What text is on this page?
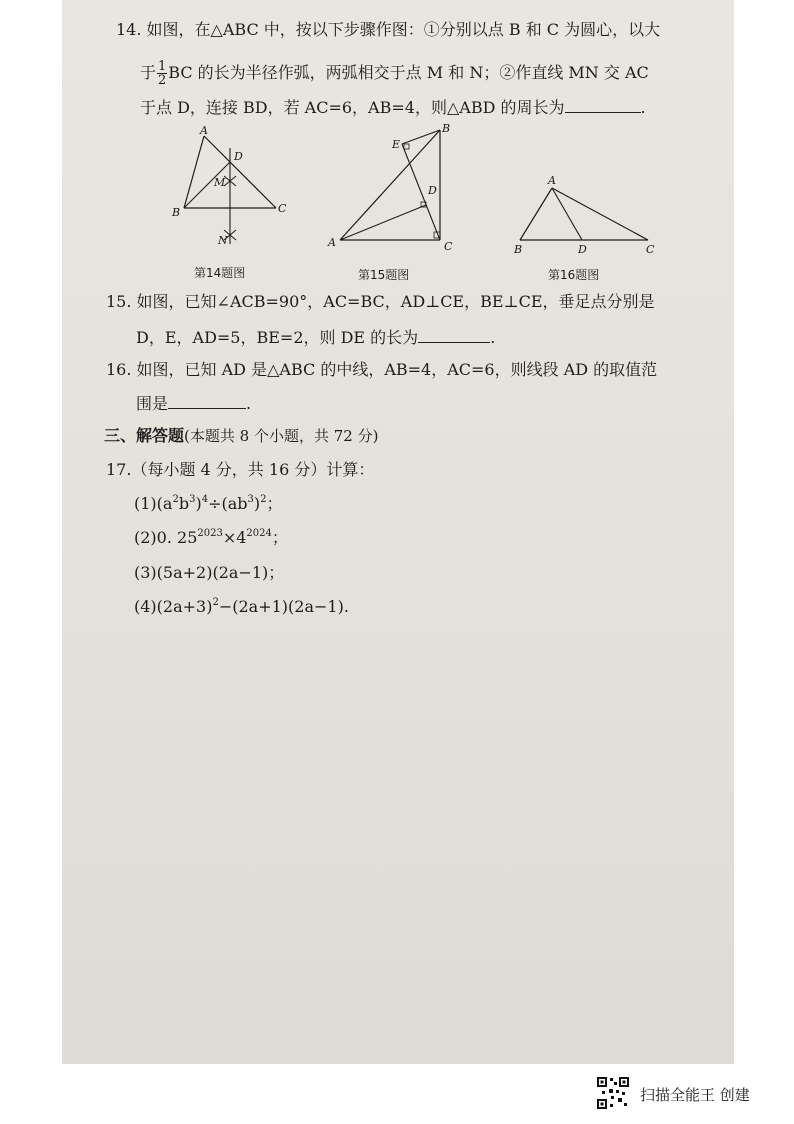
14. 如图，在△ABC 中，按以下步骤作图：①分别以点 B 和 C 为圆心，以大
于 $\frac{1}{2}$ BC 的长为半径作弧，两弧相交于点 M 和 N；②作直线 MN 交 AC
于点 D，连接 BD，若 AC=6，AB=4，则△ABD 的周长为	.
A
B	C
D
M
N
第14题图
A
B
C
D
E
第15题图
A
B	D	C
第16题图
15. 如图，已知∠ACB=90°，AC=BC，AD⊥CE，BE⊥CE，垂足点分别是
D，E，AD=5，BE=2，则 DE 的长为	.
16. 如图，已知 AD 是△ABC 的中线，AB=4，AC=6，则线段 AD 的取值范
围是	.
三、解答题(本题共 8 个小题，共 72 分)
17.（每小题 4 分，共 16 分）计算：
$(1)(a^2b^3)^4\div(ab^3)^2$；
(2)0. $25^{2023}\times 4^{2024}$；
(3)(5a+2)(2a−1)；
$(4)(2a+3)^2-(2a+1)(2a-1)$.
扫描全能王 创建
